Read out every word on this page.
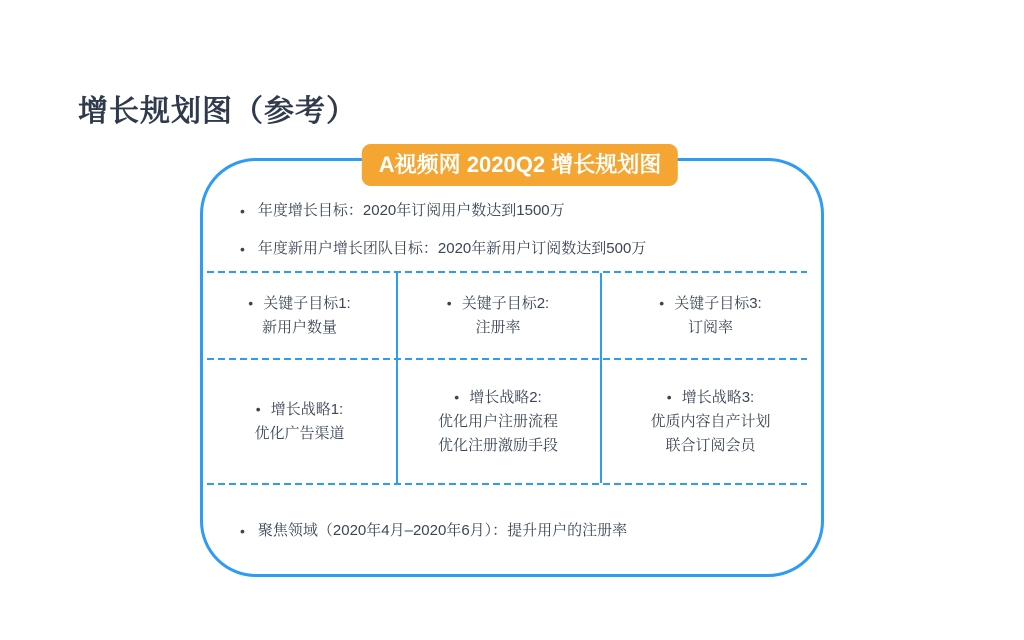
增长规划图（参考）
A视频网 2020Q2 增长规划图
• 年度增长目标：2020年订阅用户数达到1500万
• 年度新用户增长团队目标：2020年新用户订阅数达到500万
• 关键子目标1:
新用户数量
• 关键子目标2:
注册率
• 关键子目标3:
订阅率
• 增长战略1:
优化广告渠道
• 增长战略2:
优化用户注册流程
优化注册激励手段
• 增长战略3:
优质内容自产计划
联合订阅会员
• 聚焦领域（2020年4月–2020年6月）：提升用户的注册率
